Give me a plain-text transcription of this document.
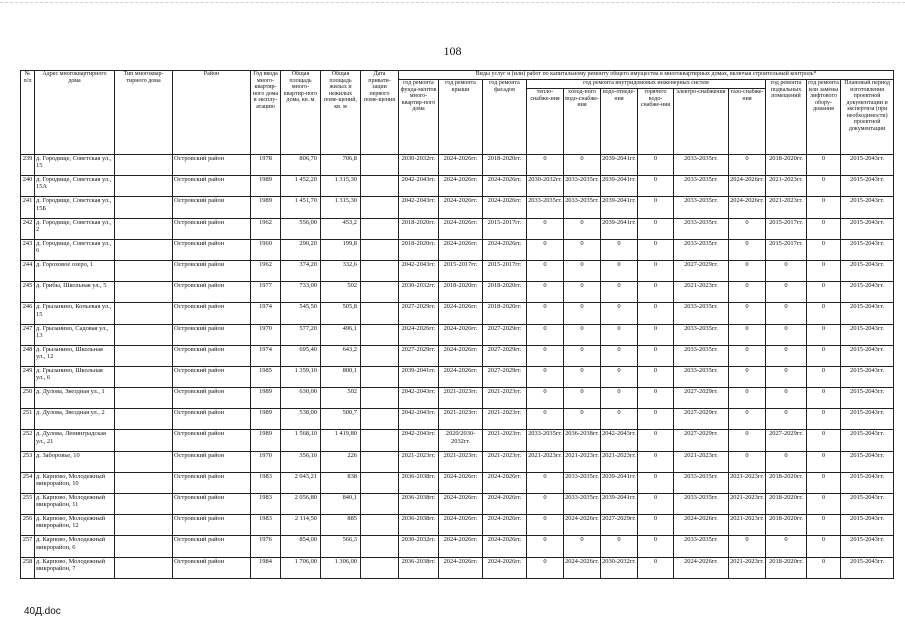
108
№ п/п	Адрес многоквартирного дома	Тип многоквар-тирного дома	Район	Год ввода много-квартир-ного дома в эксплу-атацию	Общая площадь много-квартир-ного дома, кв. м	Общая площадь жилых и нежилых поме-щений, кв. м	Дата привати-зации первого поме-щения	Виды услуг и (или) работ по капитальному ремонту общего имущества в многоквартирных домах, включая строительный контроль*											
								год ремонта фунда-ментов много-квартир-ного дома	год ремонта крыши	год ремонта фасадов	год ремонта внутридомовых инженерных систем						год ремонта подвальных помещений	год ремонта или замены лифтового обору-дования	Плановый период изготовления проектной документации и экспертиза (при необходимости) проектной документации
											тепло-снабже-ния	холод-ного водо-снабже-ния	водо-отведе-ния	горячего водо-снабже-ния	электро-снабжения	газо-снабже-ния			
239	д. Городище, Советская ул., 15		Островский район	1978	806,70	706,8		2030-2032гг.	2024-2026гг.	2018-2020гг.	0	0	2039-2041гг.	0	2033-2035гг.	0	2018-2020гг.	0	2015-2043гг.
240	д. Городище, Советская ул., 15А		Островский район	1989	1 452,20	1 315,30		2042-2043гг.	2024-2026гг.	2024-2026гг.	2030-2032гг.	2033-2035гг.	2039-2041гг.	0	2033-2035гг.	2024-2026гг.	2021-2023гг.	0	2015-2043гг.
241	д. Городище, Советская ул., 15Б		Островский район	1989	1 451,70	1 315,30		2042-2043гг.	2024-2026гг.	2024-2026гг.	2033-2035гг.	2033-2035гг.	2039-2041гг.	0	2033-2035гг.	2024-2026гг.	2021-2023гг.	0	2015-2043гг.
242	д. Городище, Советская ул., 2		Островский район	1962	556,00	453,2		2018-2020гг.	2024-2026гг.	2015-2017гг.	0	0	2039-2041гг.	0	2033-2035гг.	0	2015-2017гг.	0	2015-2043гг.
243	д. Городище, Советская ул., 6		Островский район	1960	290,20	199,8		2018-2020гг.	2024-2026гг.	2024-2026гг.	0	0	0	0	2033-2035гг.	0	2015-2017гг.	0	2015-2043гг.
244	д. Гороховое озеро, 1		Островский район	1962	374,20	332,6		2042-2043гг.	2015-2017гг.	2015-2017гг.	0	0	0	0	2027-2029гг.	0	0	0	2015-2043гг.
245	д. Грибы, Школьная ул., 5		Островский район	1977	733,00	502		2030-2032гг.	2018-2020гг.	2018-2020гг.	0	0	0	0	2021-2023гг.	0	0	0	2015-2043гг.
246	д. Грызанино, Копьевая ул., 15		Островский район	1974	545,50	505,8		2027-2029гг.	2024-2026гг.	2018-2020гг.	0	0	0	0	2033-2035гг.	0	0	0	2015-2043гг.
247	д. Грызанино, Садовая ул., 13		Островский район	1970	577,20	496,1		2024-2026гг.	2024-2026гг.	2027-2029гг.	0	0	0	0	2033-2035гг.	0	0	0	2015-2043гг.
248	д. Грызанино, Школьная ул., 12		Островский район	1974	695,40	643,2		2027-2029гг.	2024-2026гг.	2027-2029гг.	0	0	0	0	2033-2035гг.	0	0	0	2015-2043гг.
249	д. Грызанино, Школьная ул., 6		Островский район	1985	1 359,10	800,1		2039-2041гг.	2024-2026гг.	2027-2029гг.	0	0	0	0	2033-2035гг.	0	0	0	2015-2043гг.
250	д. Дулова, Звездная ул., 1		Островский район	1989	630,00	502		2042-2043гг.	2021-2023гг.	2021-2023гг.	0	0	0	0	2027-2029гг.	0	0	0	2015-2043гг.
251	д. Дулова, Звездная ул., 2		Островский район	1989	538,00	500,7		2042-2043гг.	2021-2023гг.	2021-2023гг.	0	0	0	0	2027-2029гг.	0	0	0	2015-2043гг.
252	д. Дулова, Ленинградская ул., 21		Островский район	1989	1 568,10	1 419,80		2042-2043гг.	2020/2030-2032гг.	2021-2023гг.	2033-2035гг.	2036-2038гг.	2042-2043гг.	0	2027-2029гг.	0	2027-2029гг.	0	2015-2043гг.
253	д. Заборовье, 10		Островский район	1970	356,10	226		2021-2023гг.	2021-2023гг.	2021-2023гг.	2021-2023гг.	2021-2023гг.	2021-2023гг.	0	2021-2023гг.	0	0	0	2015-2043гг.
254	д. Карпово, Молодежный микрорайон, 10		Островский район	1983	2 043,21	838		2036-2038гг.	2024-2026гг.	2024-2026гг.	0	2033-2035гг.	2039-2041гг.	0	2033-2035гг.	2021-2023гг.	2018-2020гг.	0	2015-2043гг.
255	д. Карпово, Молодежный микрорайон, 11		Островский район	1983	2 056,80	840,1		2036-2038гг.	2024-2026гг.	2024-2026гг.	0	2033-2035гг.	2039-2041гг.	0	2033-2035гг.	2021-2023гг.	2018-2020гг.	0	2015-2043гг.
256	д. Карпово, Молодежный микрорайон, 12		Островский район	1983	2 114,50	885		2036-2038гг.	2024-2026гг.	2024-2026гг.	0	2024-2026гг.	2027-2029гг.	0	2024-2026гг.	2021-2023гг.	2018-2020гг.	0	2015-2043гг.
257	д. Карпово, Молодежный микрорайон, 6		Островский район	1976	854,00	566,3		2030-2032гг.	2024-2026гг.	2024-2026гг.	0	0	0	0	2033-2035гг.	0	0	0	2015-2043гг.
258	д. Карпово, Молодежный микрорайон, 7		Островский район	1984	1 706,00	1 306,00		2036-2038гг.	2024-2026гг.	2024-2026гг.	0	2024-2026гг.	2030-2032гг.	0	2024-2026гг.	2021-2023гг.	2018-2020гг.	0	2015-2043гг.
40Д.doc
